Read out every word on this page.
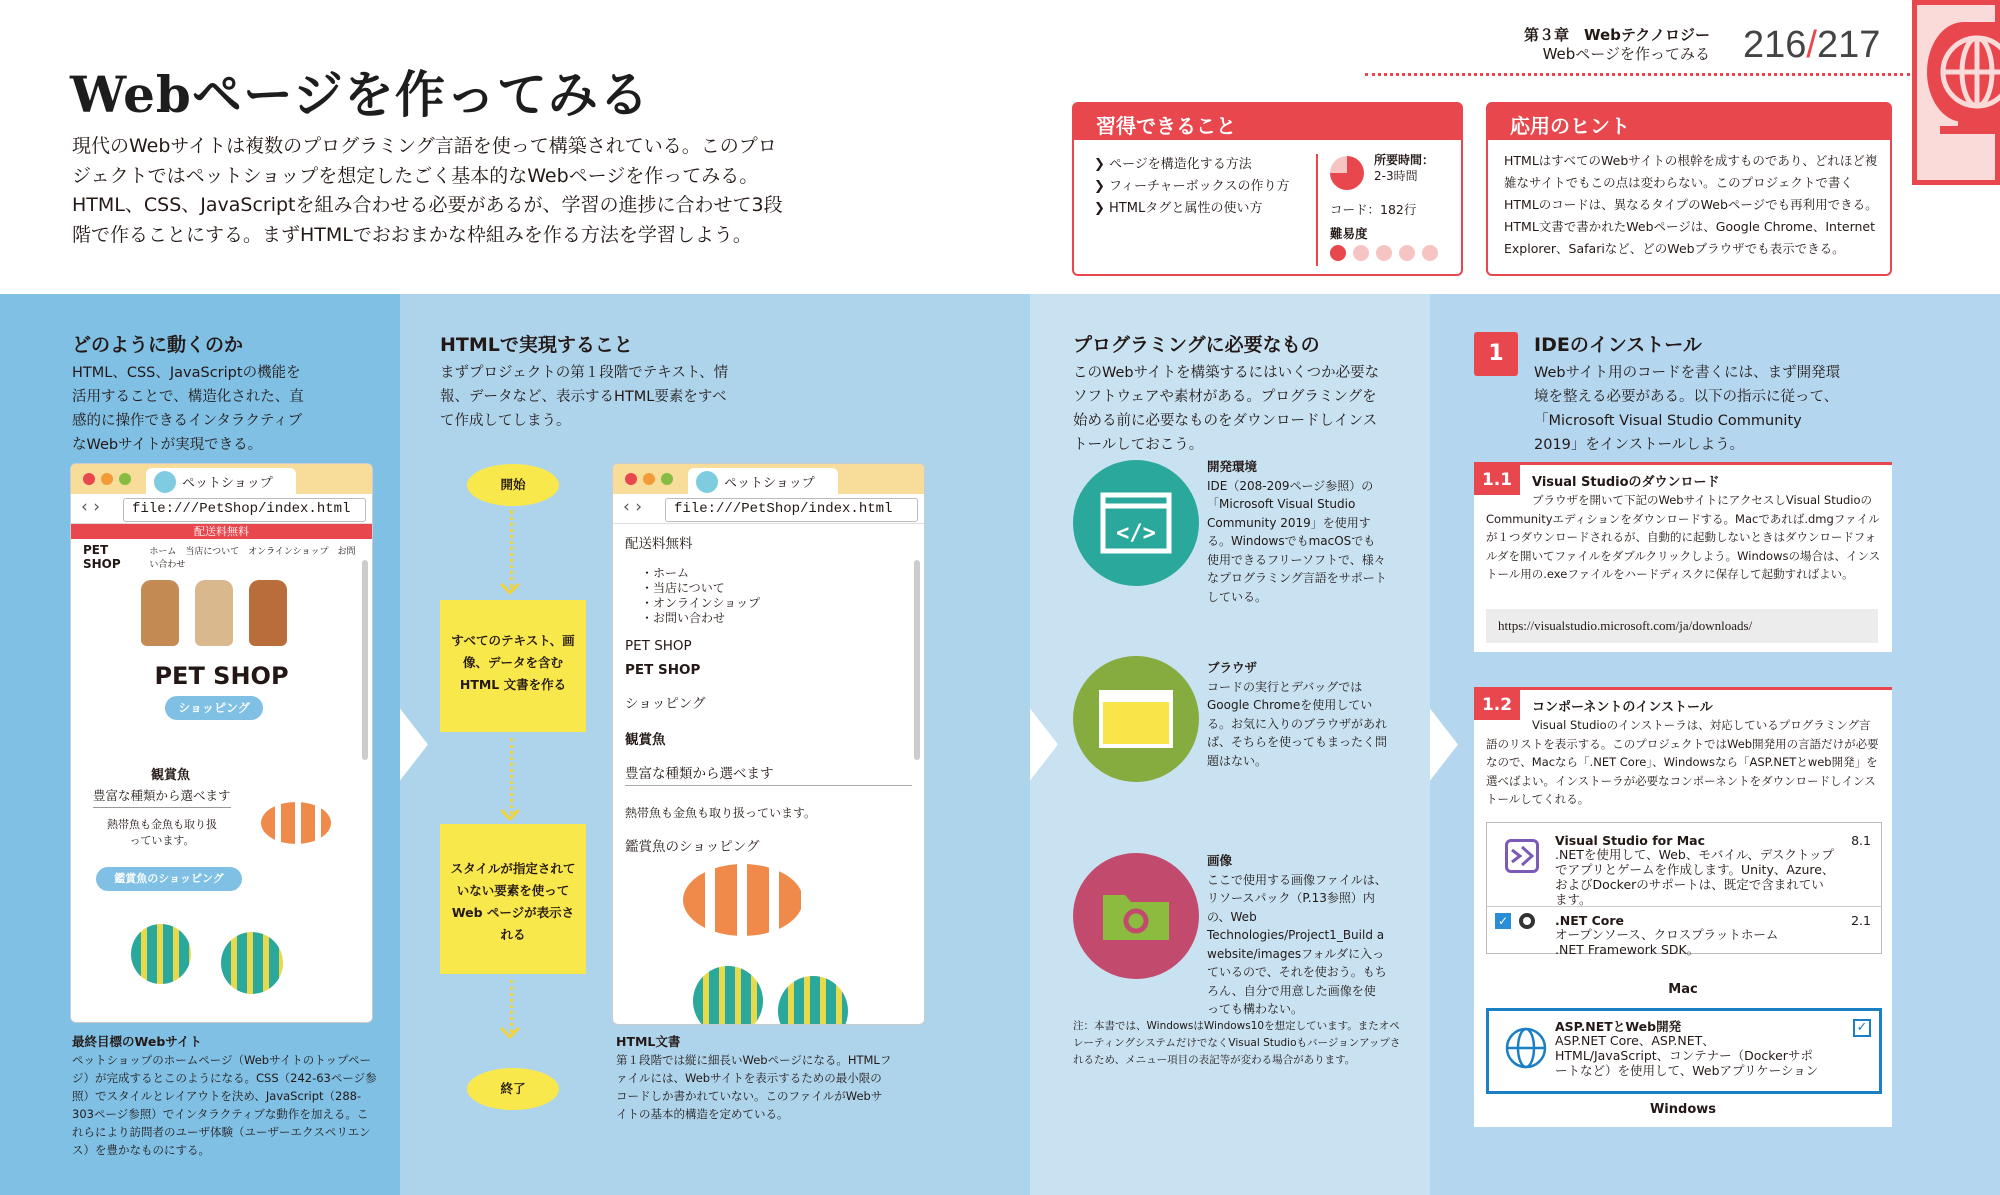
Webページを作ってみる

現代のWebサイトは複数のプログラミング言語を使って構築されている。このプロジェクトではペットショップを想定したごく基本的なWebページを作ってみる。HTML、CSS、JavaScriptを組み合わせる必要があるが、学習の進捗に合わせて3段階で作ることにする。まずHTMLでおおまかな枠組みを作る方法を学習しよう。

第３章　Webテクノロジー
Webページを作ってみる 216/217
習得できること
❯ ページを構造化する方法
❯ フィーチャーボックスの作り方
❯ HTMLタグと属性の使い方
所要時間：
2-3時間
コード：182行
難易度
応用のヒント

HTMLはすべてのWebサイトの根幹を成すものであり、どれほど複雑なサイトでもこの点は変わらない。このプロジェクトで書くHTMLのコードは、異なるタイプのWebページでも再利用できる。HTML文書で書かれたWebページは、Google Chrome、Internet Explorer、Safariなど、どのWebブラウザでも表示できる。

どのように動くのか

HTML、CSS、JavaScriptの機能を活用することで、構造化された、直感的に操作できるインタラクティブなWebサイトが実現できる。

ペットショップ
‹ ›	file:///PetShop/index.html
配送料無料
PET SHOP
ホーム　当店について　オンラインショップ　お問い合わせ
PET SHOP
ショッピング
観賞魚
豊富な種類から選べます
熱帯魚も金魚も取り扱っています。
鑑賞魚のショッピング
最終目標のWebサイト
ペットショップのホームページ（Webサイトのトップページ）が完成するとこのようになる。CSS（242-63ページ参照）でスタイルとレイアウトを決め、JavaScript（288-303ページ参照）でインタラクティブな動作を加える。これらにより訪問者のユーザ体験（ユーザーエクスペリエンス）を豊かなものにする。
HTMLで実現すること

まずプロジェクトの第１段階でテキスト、情報、データなど、表示するHTML要素をすべて作成してしまう。

開始
すべてのテキスト、画像、データを含むHTML 文書を作る
スタイルが指定されていない要素を使ってWeb ページが表示される
終了
ペットショップ
‹ ›	file:///PetShop/index.html
配送料無料
・ホーム
・当店について
・オンラインショップ
・お問い合わせ
PET SHOP
PET SHOP
ショッピング
観賞魚
豊富な種類から選べます
熱帯魚も金魚も取り扱っています。
鑑賞魚のショッピング
HTML文書
第１段階では縦に細長いWebページになる。HTMLファイルには、Webサイトを表示するための最小限のコードしか書かれていない。このファイルがWebサイトの基本的構造を定めている。
プログラミングに必要なもの

このWebサイトを構築するにはいくつか必要なソフトウェアや素材がある。プログラミングを始める前に必要なものをダウンロードしインストールしておこう。

</>
開発環境
IDE（208-209ページ参照）の「Microsoft Visual Studio Community 2019」を使用する。WindowsでもmacOSでも使用できるフリーソフトで、様々なプログラミング言語をサポートしている。
ブラウザ
コードの実行とデバッグではGoogle Chromeを使用している。お気に入りのブラウザがあれば、そちらを使ってもまったく問題はない。
画像
ここで使用する画像ファイルは、リソースパック（P.13参照）内の、Web Technologies/Project1_Build a website/imagesフォルダに入っているので、それを使おう。もちろん、自分で用意した画像を使っても構わない。

注：本書では、WindowsはWindows10を想定しています。またオペレーティングシステムだけでなくVisual Studioもバージョンアップされるため、メニュー項目の表記等が変わる場合があります。

1	IDEのインストール

Webサイト用のコードを書くには、まず開発環境を整える必要がある。以下の指示に従って、「Microsoft Visual Studio Community 2019」をインストールしよう。

1.1	Visual Studioのダウンロード

ブラウザを開いて下記のWebサイトにアクセスしVisual StudioのCommunityエディションをダウンロードする。Macであれば.dmgファイルが１つダウンロードされるが、自動的に起動しないときはダウンロードフォルダを開いてファイルをダブルクリックしよう。Windowsの場合は、インストール用の.exeファイルをハードディスクに保存して起動すればよい。

https://visualstudio.microsoft.com/ja/downloads/
1.2	コンポーネントのインストール

Visual Studioのインストーラは、対応しているプログラミング言語のリストを表示する。このプロジェクトではWeb開発用の言語だけが必要なので、Macなら「.NET Core」、Windowsなら「ASP.NETとweb開発」を選べばよい。インストーラが必要なコンポーネントをダウンロードしインストールしてくれる。

Visual Studio for Mac	8.1
.NETを使用して、Web、モバイル、デスクトップでアプリとゲームを作成します。Unity、Azure、およびDockerのサポートは、既定で含まれています。
✓	.NET Core	2.1
オープンソース、クロスプラットホーム .NET Framework SDK。
Mac
ASP.NETとWeb開発
ASP.NET Core、ASP.NET、HTML/JavaScript、コンテナー（Dockerサポートなど）を使用して、Webアプリケーション
✓
Windows
